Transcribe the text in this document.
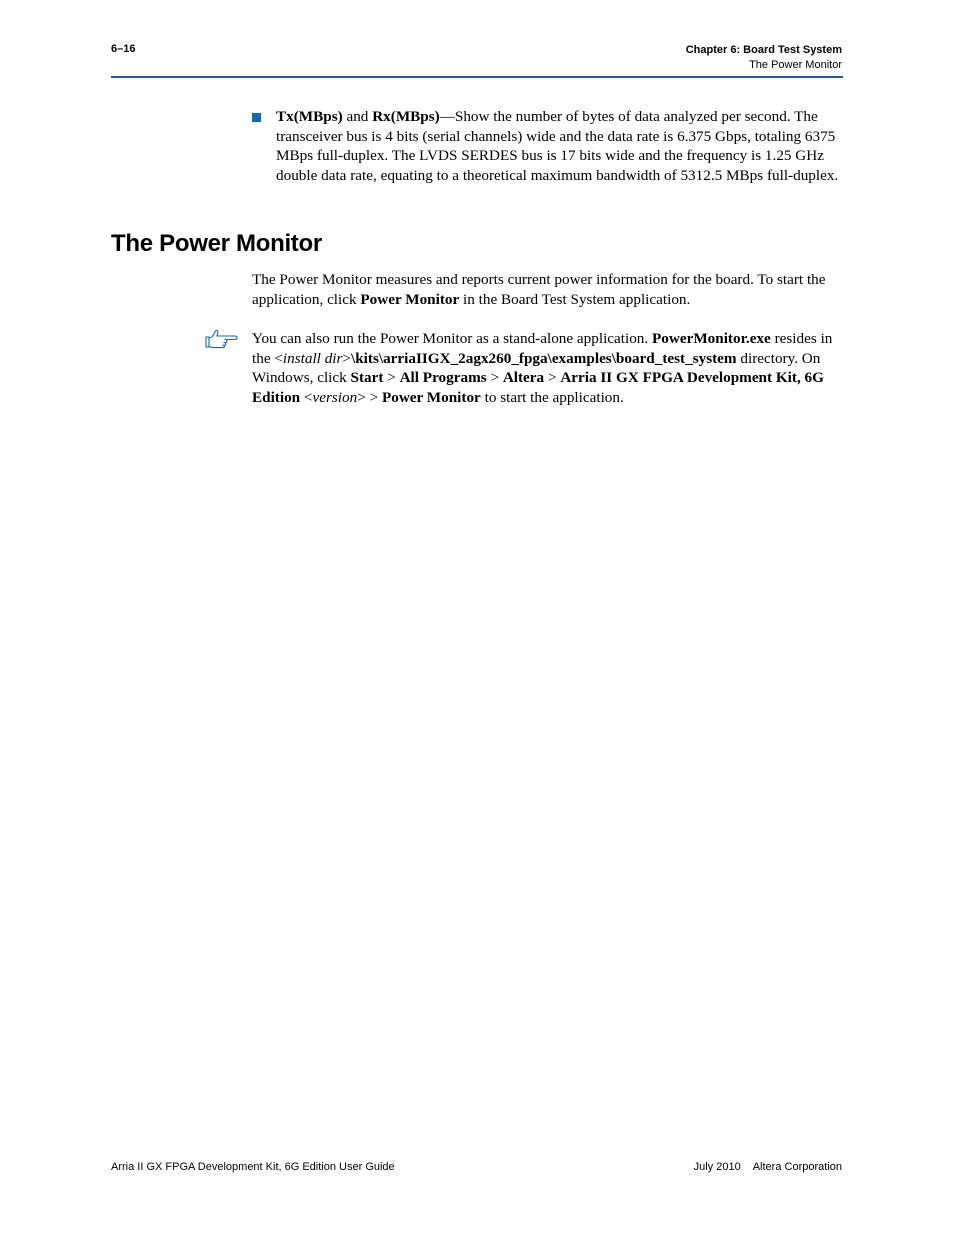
6–16	Chapter 6: Board Test System
The Power Monitor
Tx(MBps) and Rx(MBps)—Show the number of bytes of data analyzed per second. The transceiver bus is 4 bits (serial channels) wide and the data rate is 6.375 Gbps, totaling 6375 MBps full-duplex. The LVDS SERDES bus is 17 bits wide and the frequency is 1.25 GHz double data rate, equating to a theoretical maximum bandwidth of 5312.5 MBps full-duplex.
The Power Monitor

The Power Monitor measures and reports current power information for the board. To start the application, click Power Monitor in the Board Test System application.

You can also run the Power Monitor as a stand-alone application. PowerMonitor.exe resides in the <install dir>\kits\arriaIIGX_2agx260_fpga\examples\board_test_system directory. On Windows, click Start > All Programs > Altera > Arria II GX FPGA Development Kit, 6G Edition <version> > Power Monitor to start the application.

Arria II GX FPGA Development Kit, 6G Edition User Guide	July 2010 Altera Corporation
